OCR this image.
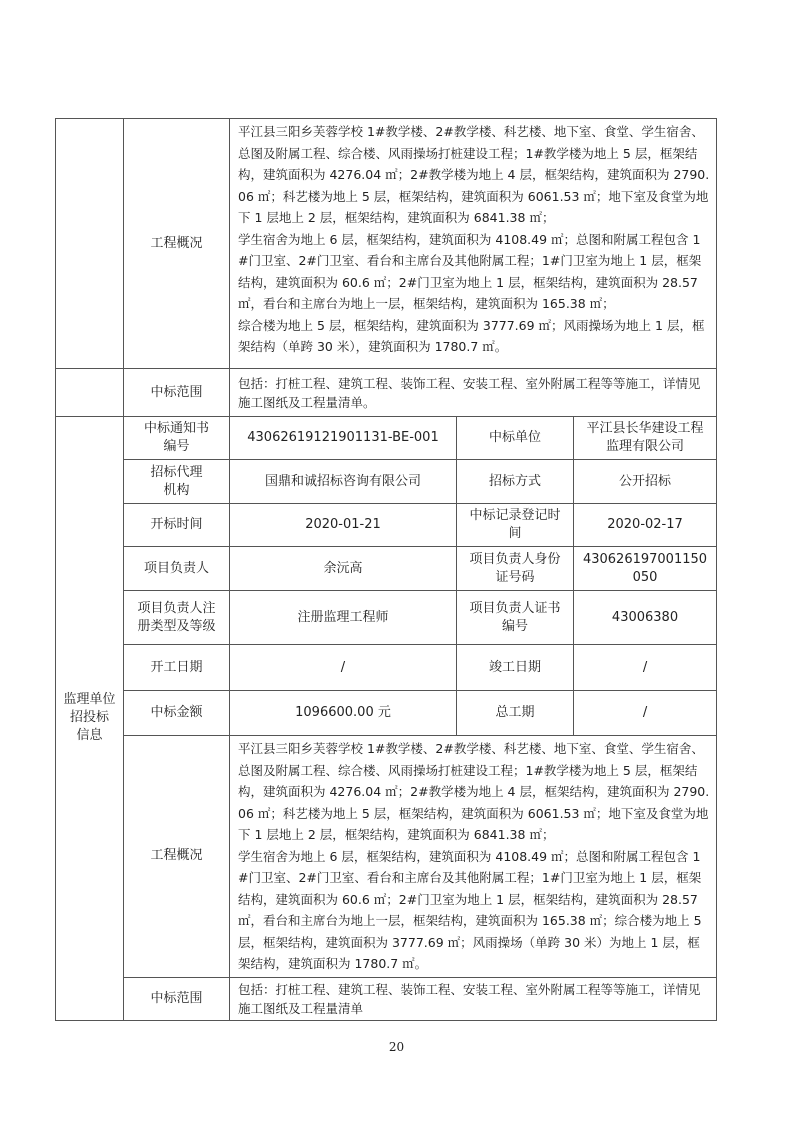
	工程概况	平江县三阳乡芙蓉学校 1#教学楼、2#教学楼、科艺楼、地下室、食堂、学生宿舍、总图及附属工程、综合楼、风雨操场打桩建设工程；1#教学楼为地上 5 层，框架结构，建筑面积为 4276.04 ㎡；2#教学楼为地上 4 层，框架结构，建筑面积为 2790.06 ㎡；科艺楼为地上 5 层，框架结构，建筑面积为 6061.53 ㎡；地下室及食堂为地下 1 层地上 2 层，框架结构，建筑面积为 6841.38 ㎡；
学生宿舍为地上 6 层，框架结构，建筑面积为 4108.49 ㎡；总图和附属工程包含 1#门卫室、2#门卫室、看台和主席台及其他附属工程；1#门卫室为地上 1 层，框架结构，建筑面积为 60.6 ㎡；2#门卫室为地上 1 层，框架结构，建筑面积为 28.57 ㎡，看台和主席台为地上一层，框架结构，建筑面积为 165.38 ㎡；
综合楼为地上 5 层，框架结构，建筑面积为 3777.69 ㎡；风雨操场为地上 1 层，框架结构（单跨 30 米），建筑面积为 1780.7 ㎡。		
	中标范围	包括：打桩工程、建筑工程、装饰工程、安装工程、室外附属工程等等施工，详情见施工图纸及工程量清单。		
监理单位
招投标
信息	中标通知书
编号	43062619121901131-BE-001	中标单位	平江县长华建设工程
监理有限公司
	招标代理
机构	国鼎和诚招标咨询有限公司	招标方式	公开招标
	开标时间	2020-01-21	中标记录登记时
间	2020-02-17
	项目负责人	余沅高	项目负责人身份
证号码	430626197001150050
	项目负责人注
册类型及等级	注册监理工程师	项目负责人证书
编号	43006380
	开工日期	/	竣工日期	/
	中标金额	1096600.00 元	总工期	/
	工程概况	平江县三阳乡芙蓉学校 1#教学楼、2#教学楼、科艺楼、地下室、食堂、学生宿舍、总图及附属工程、综合楼、风雨操场打桩建设工程；1#教学楼为地上 5 层，框架结构，建筑面积为 4276.04 ㎡；2#教学楼为地上 4 层，框架结构，建筑面积为 2790.06 ㎡；科艺楼为地上 5 层，框架结构，建筑面积为 6061.53 ㎡；地下室及食堂为地下 1 层地上 2 层，框架结构，建筑面积为 6841.38 ㎡；
学生宿舍为地上 6 层，框架结构，建筑面积为 4108.49 ㎡；总图和附属工程包含 1#门卫室、2#门卫室、看台和主席台及其他附属工程；1#门卫室为地上 1 层，框架结构，建筑面积为 60.6 ㎡；2#门卫室为地上 1 层，框架结构，建筑面积为 28.57 ㎡，看台和主席台为地上一层，框架结构，建筑面积为 165.38 ㎡；综合楼为地上 5 层，框架结构，建筑面积为 3777.69 ㎡；风雨操场（单跨 30 米）为地上 1 层，框架结构，建筑面积为 1780.7 ㎡。		
	中标范围	包括：打桩工程、建筑工程、装饰工程、安装工程、室外附属工程等等施工，详情见施工图纸及工程量清单		
20
